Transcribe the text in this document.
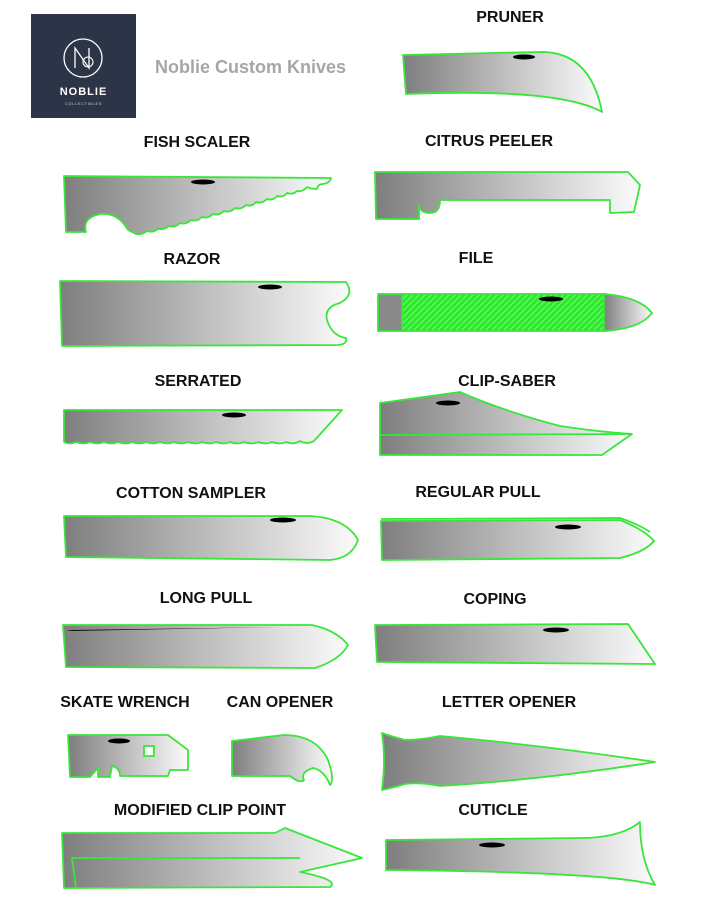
NOBLIE
COLLECTIBLES
Noblie Custom Knives
PRUNER
FISH SCALER	CITRUS PEELER
RAZOR	FILE
SERRATED	CLIP-SABER
COTTON SAMPLER	REGULAR PULL
LONG PULL	COPING
SKATE WRENCH CAN OPENER	LETTER OPENER
MODIFIED CLIP POINT	CUTICLE
